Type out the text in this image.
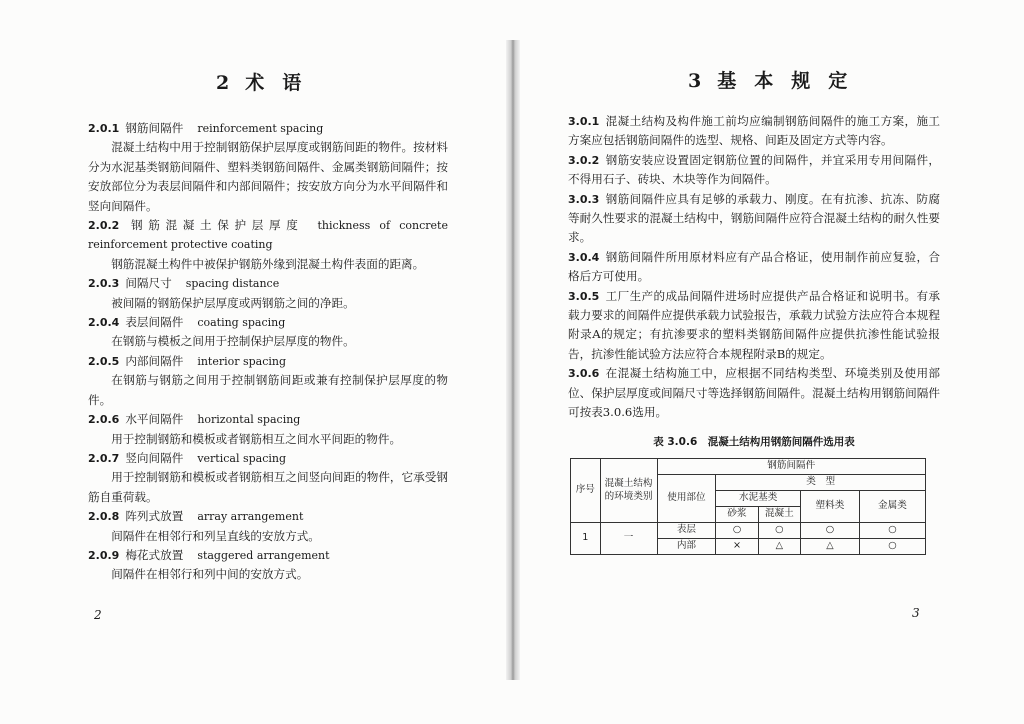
2 术 语

2.0.1 钢筋间隔件 reinforcement spacing

混凝土结构中用于控制钢筋保护层厚度或钢筋间距的物件。按材料分为水泥基类钢筋间隔件、塑料类钢筋间隔件、金属类钢筋间隔件；按安放部位分为表层间隔件和内部间隔件；按安放方向分为水平间隔件和竖向间隔件。

2.0.2 钢筋混凝土保护层厚度 thickness of concrete reinforcement protective coating

钢筋混凝土构件中被保护钢筋外缘到混凝土构件表面的距离。

2.0.3 间隔尺寸 spacing distance

被间隔的钢筋保护层厚度或两钢筋之间的净距。

2.0.4 表层间隔件 coating spacing

在钢筋与模板之间用于控制保护层厚度的物件。

2.0.5 内部间隔件 interior spacing

在钢筋与钢筋之间用于控制钢筋间距或兼有控制保护层厚度的物件。

2.0.6 水平间隔件 horizontal spacing

用于控制钢筋和模板或者钢筋相互之间水平间距的物件。

2.0.7 竖向间隔件 vertical spacing

用于控制钢筋和模板或者钢筋相互之间竖向间距的物件，它承受钢筋自重荷载。

2.0.8 阵列式放置 array arrangement

间隔件在相邻行和列呈直线的安放方式。

2.0.9 梅花式放置 staggered arrangement

间隔件在相邻行和列中间的安放方式。

2
3 基 本 规 定

3.0.1 混凝土结构及构件施工前均应编制钢筋间隔件的施工方案，施工方案应包括钢筋间隔件的选型、规格、间距及固定方式等内容。

3.0.2 钢筋安装应设置固定钢筋位置的间隔件，并宜采用专用间隔件，不得用石子、砖块、木块等作为间隔件。

3.0.3 钢筋间隔件应具有足够的承载力、刚度。在有抗渗、抗冻、防腐等耐久性要求的混凝土结构中，钢筋间隔件应符合混凝土结构的耐久性要求。

3.0.4 钢筋间隔件所用原材料应有产品合格证，使用制作前应复验，合格后方可使用。

3.0.5 工厂生产的成品间隔件进场时应提供产品合格证和说明书。有承载力要求的间隔件应提供承载力试验报告，承载力试验方法应符合本规程附录A的规定；有抗渗要求的塑料类钢筋间隔件应提供抗渗性能试验报告，抗渗性能试验方法应符合本规程附录B的规定。

3.0.6 在混凝土结构施工中，应根据不同结构类型、环境类别及使用部位、保护层厚度或间隔尺寸等选择钢筋间隔件。混凝土结构用钢筋间隔件可按表3.0.6选用。

表 3.0.6　混凝土结构用钢筋间隔件选用表
序号	混凝土结构的环境类别	钢筋间隔件				
		使用部位	类　型			
			水泥基类		塑料类	金属类
			砂浆	混凝土		
1	一	表层	○	○	○	○
		内部	×	△	△	○
3
